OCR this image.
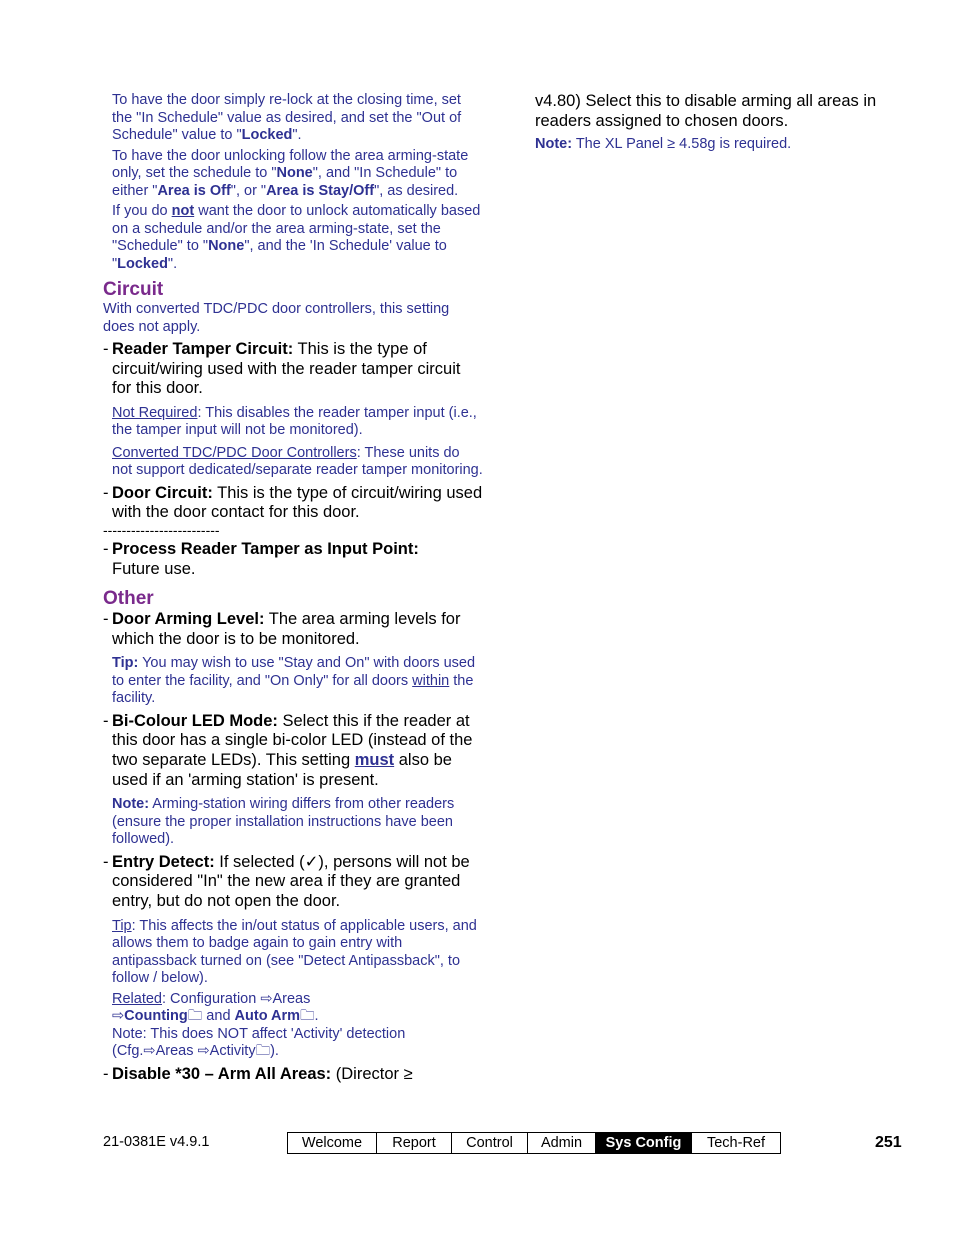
To have the door simply re-lock at the closing time, set the "In Schedule" value as desired, and set the "Out of Schedule" value to "Locked".
To have the door unlocking follow the area arming-state only, set the schedule to "None", and "In Schedule" to either "Area is Off", or "Area is Stay/Off", as desired.
If you do not want the door to unlock automatically based on a schedule and/or the area arming-state, set the "Schedule" to "None", and the 'In Schedule' value to "Locked".
Circuit
With converted TDC/PDC door controllers, this setting does not apply.
- Reader Tamper Circuit: This is the type of circuit/wiring used with the reader tamper circuit for this door.
Not Required: This disables the reader tamper input (i.e., the tamper input will not be monitored).
Converted TDC/PDC Door Controllers: These units do not support dedicated/separate reader tamper monitoring.
- Door Circuit: This is the type of circuit/wiring used with the door contact for this door.
-------------------------
- Process Reader Tamper as Input Point:
Future use.
Other
- Door Arming Level: The area arming levels for which the door is to be monitored.
Tip: You may wish to use "Stay and On" with doors used to enter the facility, and "On Only" for all doors within the facility.
- Bi-Colour LED Mode: Select this if the reader at this door has a single bi-color LED (instead of the two separate LEDs). This setting must also be used if an 'arming station' is present.
Note: Arming-station wiring differs from other readers (ensure the proper installation instructions have been followed).
- Entry Detect: If selected (✓), persons will not be considered "In" the new area if they are granted entry, but do not open the door.
Tip: This affects the in/out status of applicable users, and allows them to badge again to gain entry with antipassback turned on (see "Detect Antipassback", to follow / below).
Related: Configuration ⇨Areas
⇨Counting🗀 and Auto Arm🗀.
Note: This does NOT affect 'Activity' detection (Cfg.⇨Areas ⇨Activity🗀).
- Disable *30 – Arm All Areas: (Director ≥
v4.80) Select this to disable arming all areas in readers assigned to chosen doors.
Note: The XL Panel ≥ 4.58g is required.
21-0381E v4.9.1	Welcome	Report	Control	Admin	Sys Config	Tech-Ref	251
